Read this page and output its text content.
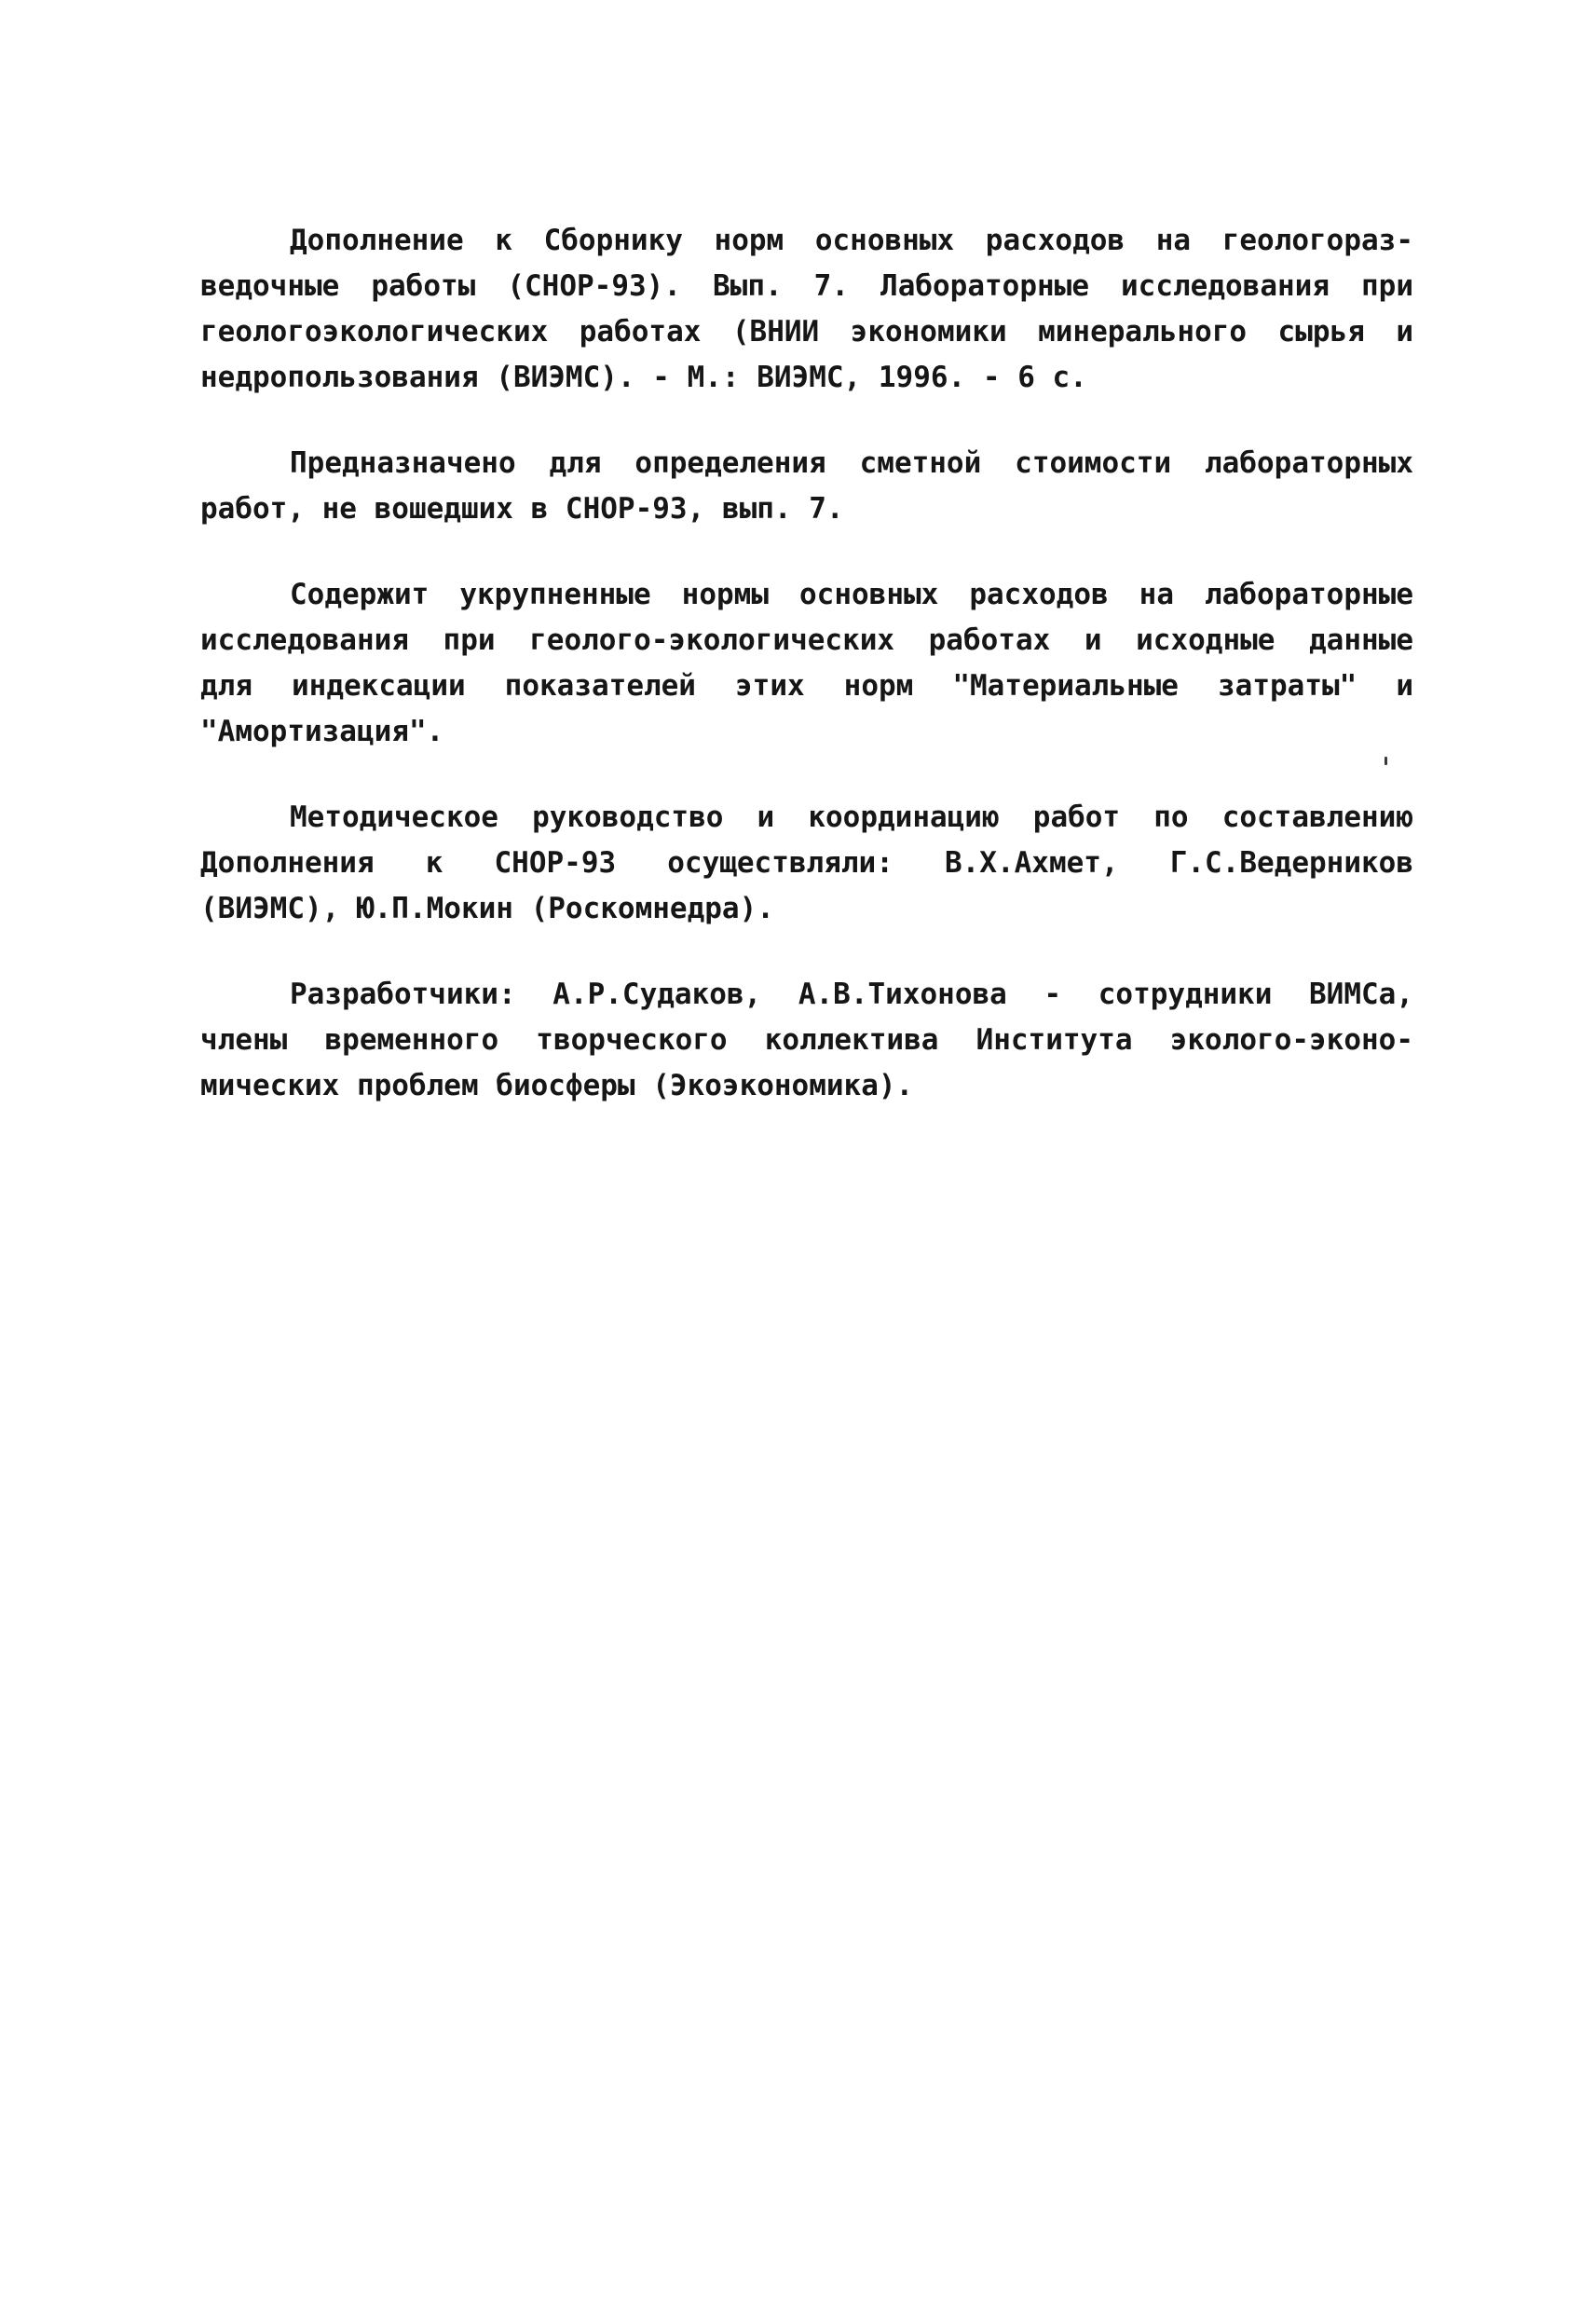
Дополнение к Сборнику норм основных расходов на геологораз-
ведочные работы (СНОР-93). Вып. 7. Лабораторные исследования при
геологоэкологических работах (ВНИИ экономики минерального сырья и
недропользования (ВИЭМС). - М.: ВИЭМС, 1996. - 6 с.
Предназначено для определения сметной стоимости лабораторных
работ, не вошедших в СНОР-93, вып. 7.
Содержит укрупненные нормы основных расходов на лабораторные
исследования при геолого-экологических работах и исходные данные
для индексации показателей этих норм "Материальные затраты" и
"Амортизация".
Методическое руководство и координацию работ по составлению
Дополнения к СНОР-93 осуществляли: В.Х.Ахмет, Г.С.Ведерников
(ВИЭМС), Ю.П.Мокин (Роскомнедра).
Разработчики: А.Р.Судаков, А.В.Тихонова - сотрудники ВИМСа,
члены временного творческого коллектива Института эколого-эконо-
мических проблем биосферы (Экоэкономика).
